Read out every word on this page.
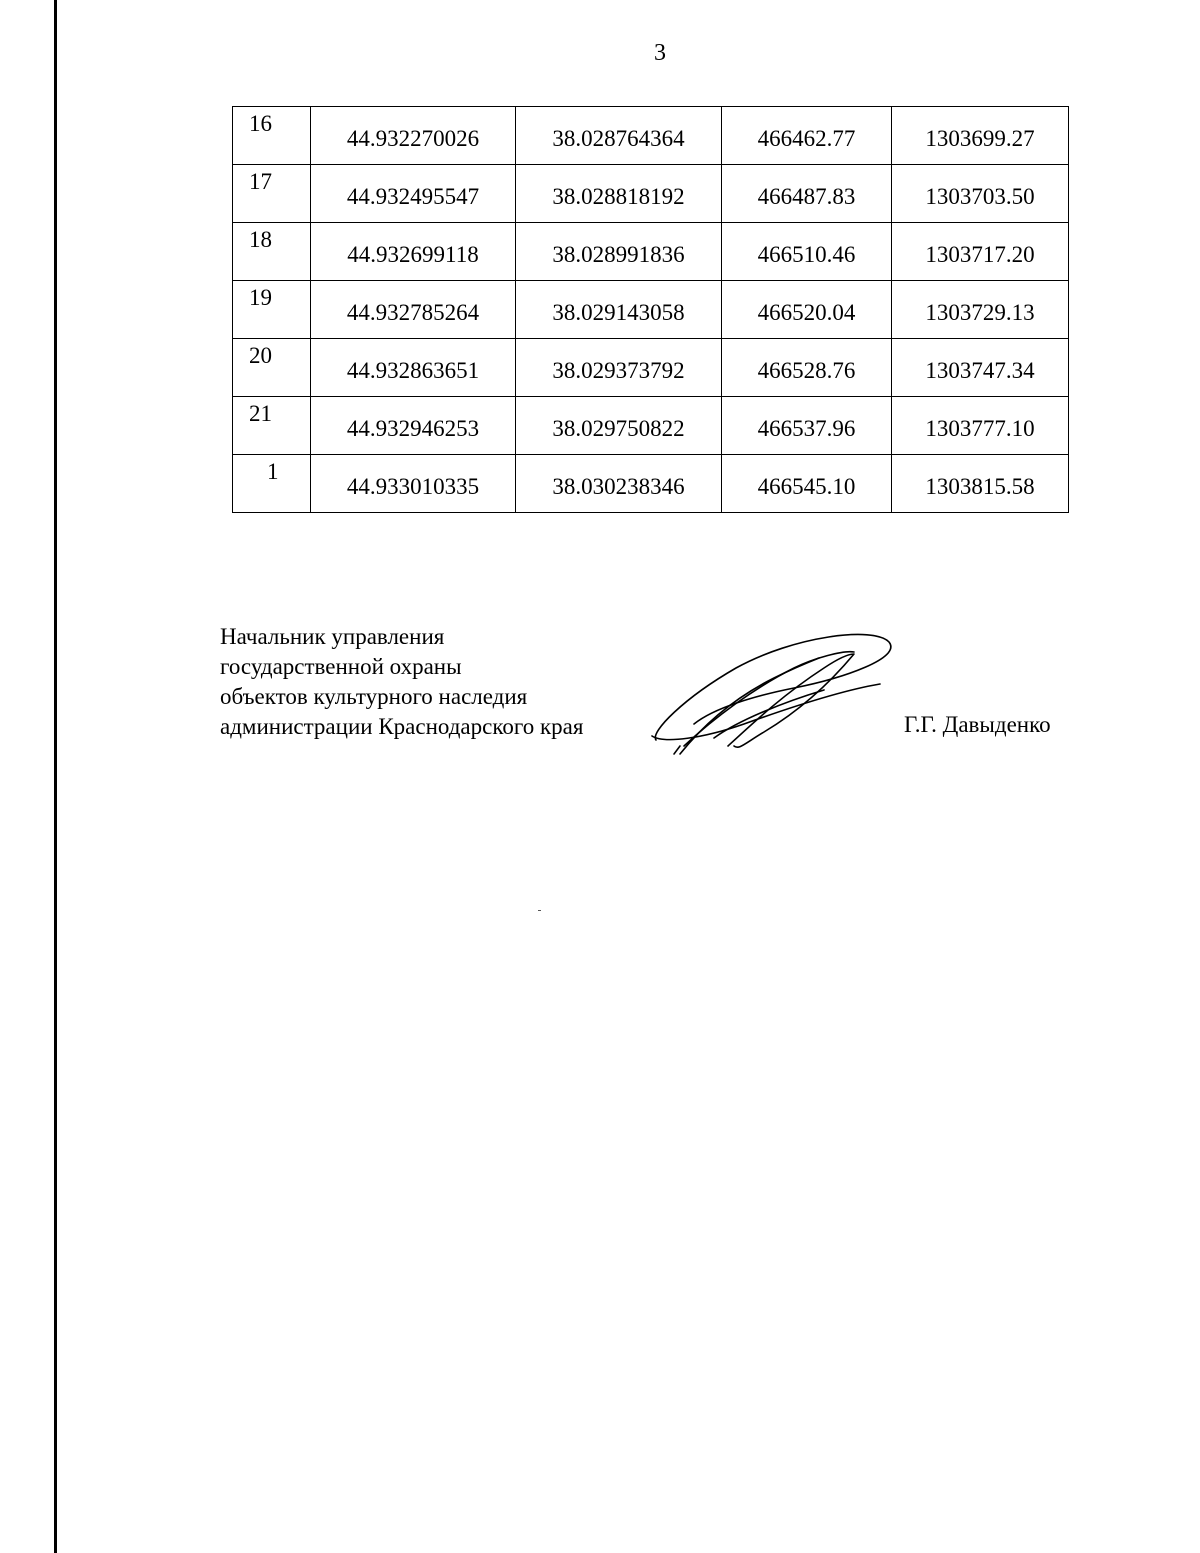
3
16	44.932270026	38.028764364	466462.77	1303699.27

17	44.932495547	38.028818192	466487.83	1303703.50

18	44.932699118	38.028991836	466510.46	1303717.20

19	44.932785264	38.029143058	466520.04	1303729.13

20	44.932863651	38.029373792	466528.76	1303747.34

21	44.932946253	38.029750822	466537.96	1303777.10

1	44.933010335	38.030238346	466545.10	1303815.58
Начальник управления
государственной охраны
объектов культурного наследия
администрации Краснодарского края	Г.Г. Давыденко
